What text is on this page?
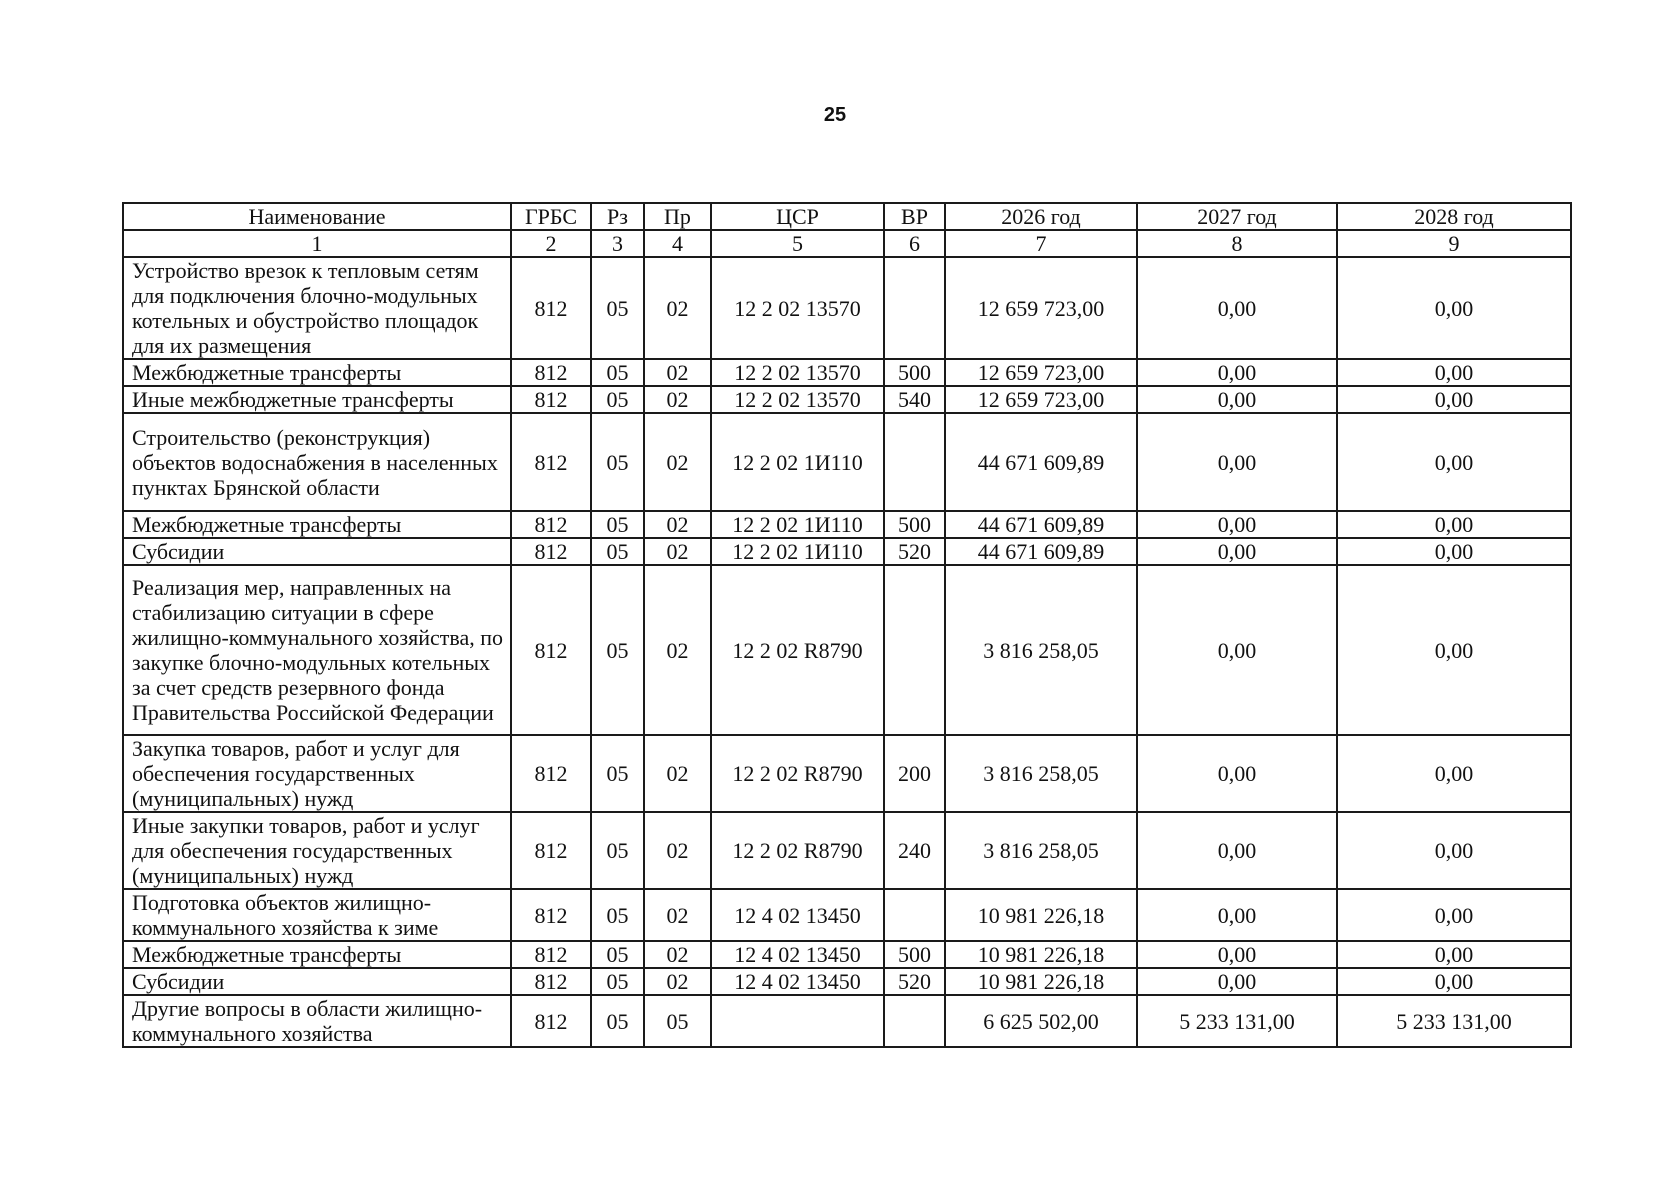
25
Наименование	ГРБС	Рз	Пр	ЦСР	ВР	2026 год	2027 год	2028 год
1	2	3	4	5	6	7	8	9
Устройство врезок к тепловым сетям для подключения блочно-модульных котельных и обустройство площадок для их размещения	812	05	02	12 2 02 13570		12 659 723,00	0,00	0,00
Межбюджетные трансферты	812	05	02	12 2 02 13570	500	12 659 723,00	0,00	0,00
Иные межбюджетные трансферты	812	05	02	12 2 02 13570	540	12 659 723,00	0,00	0,00
Строительство (реконструкция) объектов водоснабжения в населенных пунктах Брянской области	812	05	02	12 2 02 1И110		44 671 609,89	0,00	0,00
Межбюджетные трансферты	812	05	02	12 2 02 1И110	500	44 671 609,89	0,00	0,00
Субсидии	812	05	02	12 2 02 1И110	520	44 671 609,89	0,00	0,00
Реализация мер, направленных на стабилизацию ситуации в сфере жилищно-коммунального хозяйства, по закупке блочно-модульных котельных за счет средств резервного фонда Правительства Российской Федерации	812	05	02	12 2 02 R8790		3 816 258,05	0,00	0,00
Закупка товаров, работ и услуг для обеспечения государственных (муниципальных) нужд	812	05	02	12 2 02 R8790	200	3 816 258,05	0,00	0,00
Иные закупки товаров, работ и услуг для обеспечения государственных (муниципальных) нужд	812	05	02	12 2 02 R8790	240	3 816 258,05	0,00	0,00
Подготовка объектов жилищно-коммунального хозяйства к зиме	812	05	02	12 4 02 13450		10 981 226,18	0,00	0,00
Межбюджетные трансферты	812	05	02	12 4 02 13450	500	10 981 226,18	0,00	0,00
Субсидии	812	05	02	12 4 02 13450	520	10 981 226,18	0,00	0,00
Другие вопросы в области жилищно-коммунального хозяйства	812	05	05			6 625 502,00	5 233 131,00	5 233 131,00
